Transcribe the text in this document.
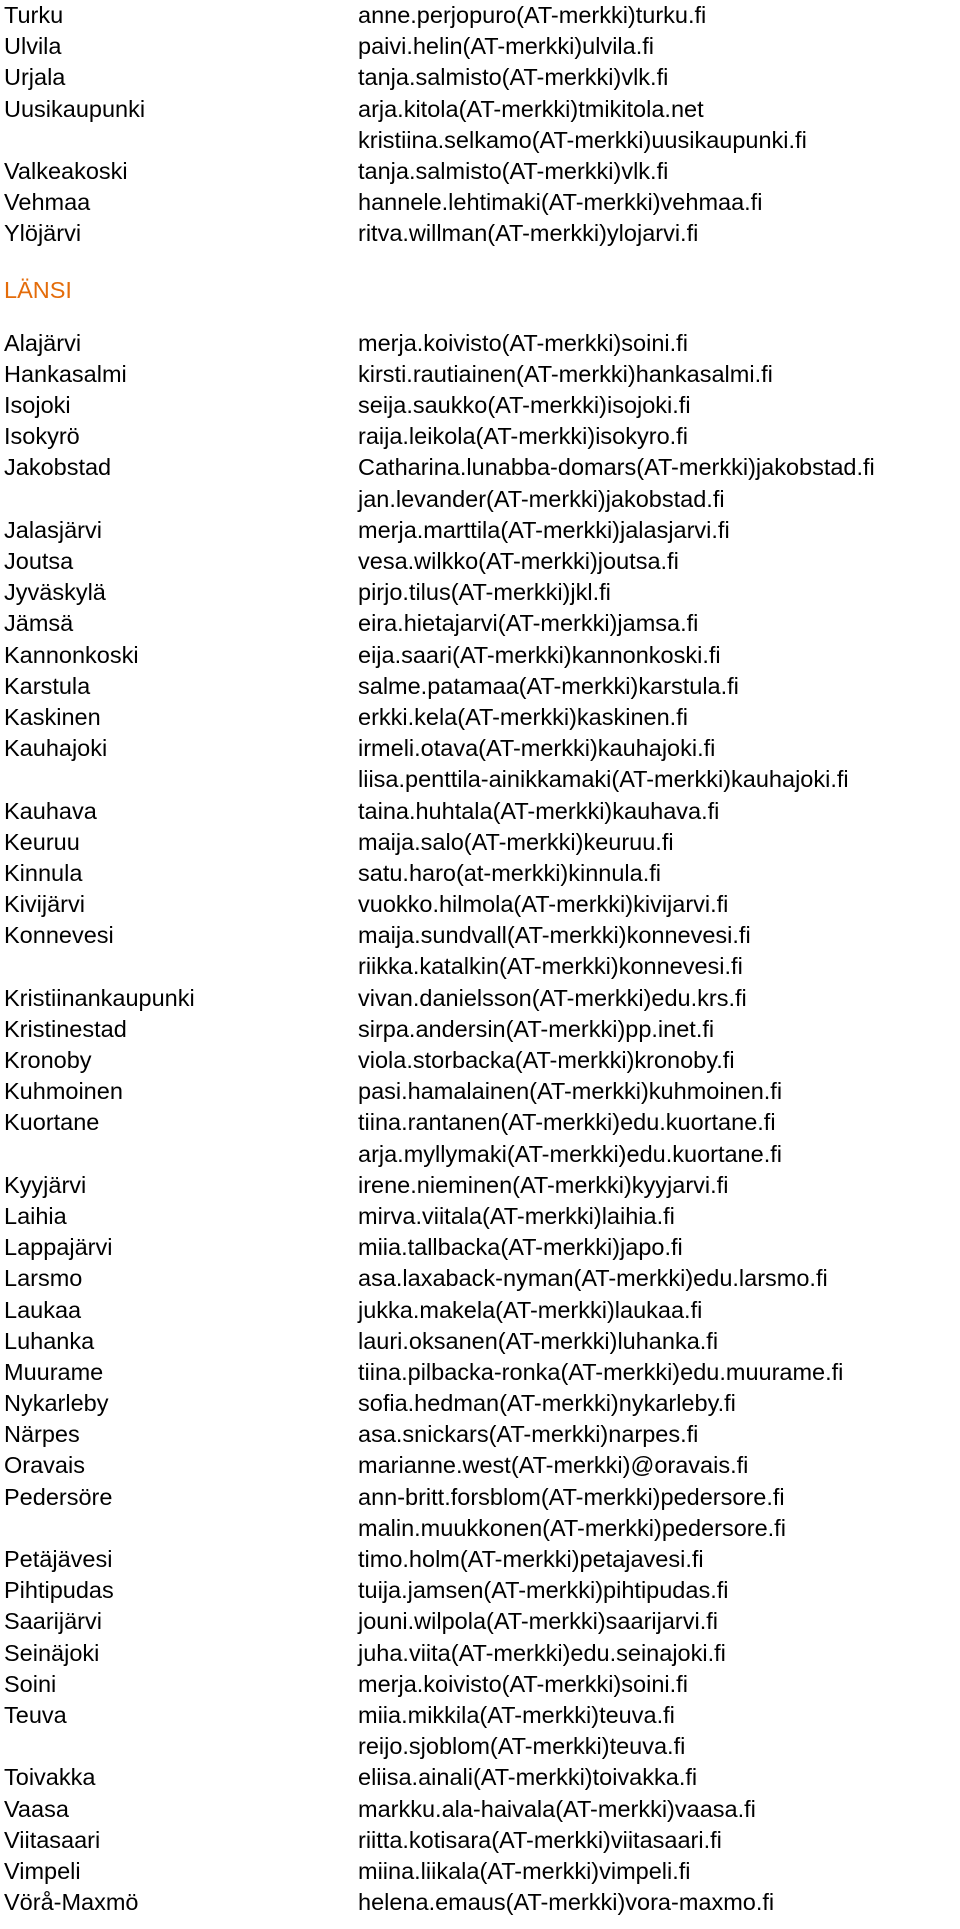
Turku	anne.perjopuro(AT-merkki)turku.fi
Ulvila	paivi.helin(AT-merkki)ulvila.fi
Urjala	tanja.salmisto(AT-merkki)vlk.fi
Uusikaupunki	arja.kitola(AT-merkki)tmikitola.net
kristiina.selkamo(AT-merkki)uusikaupunki.fi
Valkeakoski	tanja.salmisto(AT-merkki)vlk.fi
Vehmaa	hannele.lehtimaki(AT-merkki)vehmaa.fi
Ylöjärvi	ritva.willman(AT-merkki)ylojarvi.fi
LÄNSI
Alajärvi	merja.koivisto(AT-merkki)soini.fi
Hankasalmi	kirsti.rautiainen(AT-merkki)hankasalmi.fi
Isojoki	seija.saukko(AT-merkki)isojoki.fi
Isokyrö	raija.leikola(AT-merkki)isokyro.fi
Jakobstad	Catharina.lunabba-domars(AT-merkki)jakobstad.fi
jan.levander(AT-merkki)jakobstad.fi
Jalasjärvi	merja.marttila(AT-merkki)jalasjarvi.fi
Joutsa	vesa.wilkko(AT-merkki)joutsa.fi
Jyväskylä	pirjo.tilus(AT-merkki)jkl.fi
Jämsä	eira.hietajarvi(AT-merkki)jamsa.fi
Kannonkoski	eija.saari(AT-merkki)kannonkoski.fi
Karstula	salme.patamaa(AT-merkki)karstula.fi
Kaskinen	erkki.kela(AT-merkki)kaskinen.fi
Kauhajoki	irmeli.otava(AT-merkki)kauhajoki.fi
liisa.penttila-ainikkamaki(AT-merkki)kauhajoki.fi
Kauhava	taina.huhtala(AT-merkki)kauhava.fi
Keuruu	maija.salo(AT-merkki)keuruu.fi
Kinnula	satu.haro(at-merkki)kinnula.fi
Kivijärvi	vuokko.hilmola(AT-merkki)kivijarvi.fi
Konnevesi	maija.sundvall(AT-merkki)konnevesi.fi
riikka.katalkin(AT-merkki)konnevesi.fi
Kristiinankaupunki	vivan.danielsson(AT-merkki)edu.krs.fi
Kristinestad	sirpa.andersin(AT-merkki)pp.inet.fi
Kronoby	viola.storbacka(AT-merkki)kronoby.fi
Kuhmoinen	pasi.hamalainen(AT-merkki)kuhmoinen.fi
Kuortane	tiina.rantanen(AT-merkki)edu.kuortane.fi
arja.myllymaki(AT-merkki)edu.kuortane.fi
Kyyjärvi	irene.nieminen(AT-merkki)kyyjarvi.fi
Laihia	mirva.viitala(AT-merkki)laihia.fi
Lappajärvi	miia.tallbacka(AT-merkki)japo.fi
Larsmo	asa.laxaback-nyman(AT-merkki)edu.larsmo.fi
Laukaa	jukka.makela(AT-merkki)laukaa.fi
Luhanka	lauri.oksanen(AT-merkki)luhanka.fi
Muurame	tiina.pilbacka-ronka(AT-merkki)edu.muurame.fi
Nykarleby	sofia.hedman(AT-merkki)nykarleby.fi
Närpes	asa.snickars(AT-merkki)narpes.fi
Oravais	marianne.west(AT-merkki)@oravais.fi
Pedersöre	ann-britt.forsblom(AT-merkki)pedersore.fi
malin.muukkonen(AT-merkki)pedersore.fi
Petäjävesi	timo.holm(AT-merkki)petajavesi.fi
Pihtipudas	tuija.jamsen(AT-merkki)pihtipudas.fi
Saarijärvi	jouni.wilpola(AT-merkki)saarijarvi.fi
Seinäjoki	juha.viita(AT-merkki)edu.seinajoki.fi
Soini	merja.koivisto(AT-merkki)soini.fi
Teuva	miia.mikkila(AT-merkki)teuva.fi
reijo.sjoblom(AT-merkki)teuva.fi
Toivakka	eliisa.ainali(AT-merkki)toivakka.fi
Vaasa	markku.ala-haivala(AT-merkki)vaasa.fi
Viitasaari	riitta.kotisara(AT-merkki)viitasaari.fi
Vimpeli	miina.liikala(AT-merkki)vimpeli.fi
Vörå-Maxmö	helena.emaus(AT-merkki)vora-maxmo.fi
